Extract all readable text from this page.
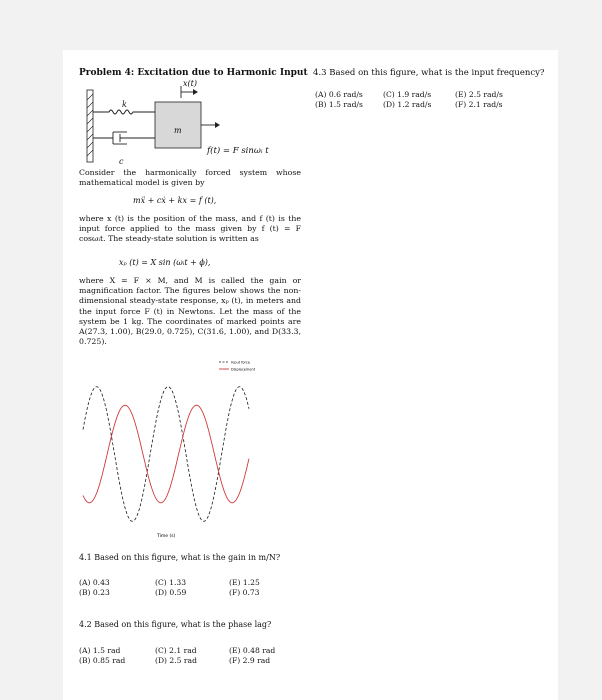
Problem 4: Excitation due to Harmonic Input
x(t)
k
m
c
f(t) = F sinωᵢ t
Consider the harmonically forced system whose mathematical model is given by
mẍ + cẋ + kx = f (t),
where x (t) is the position of the mass, and f (t) is the input force applied to the mass given by f (t) = F cosωᵢt. The steady-state solution is written as
xₚ (t) = X sin (ωᵢt + ϕ),
where X = F × M, and M is called the gain or magnification factor. The figures below shows the non-dimensional steady-state response, xₚ (t), in meters and the input force F (t) in Newtons. Let the mass of the system be 1 kg. The coordinates of marked points are A(27.3, 1.00), B(29.0, 0.725), C(31.6, 1.00), and D(33.3, 0.725).
Input force
Displacement
Time (s)
4.1 Based on this figure, what is the gain in m/N?
(A) 0.43
(B) 0.23
(C) 1.33
(D) 0.59
(E) 1.25
(F) 0.73
4.2 Based on this figure, what is the phase lag?
(A) 1.5 rad
(B) 0.85 rad
(C) 2.1 rad
(D) 2.5 rad
(E) 0.48 rad
(F) 2.9 rad
4.3 Based on this figure, what is the input frequency?
(A) 0.6 rad/s
(B) 1.5 rad/s
(C) 1.9 rad/s
(D) 1.2 rad/s
(E) 2.5 rad/s
(F) 2.1 rad/s
